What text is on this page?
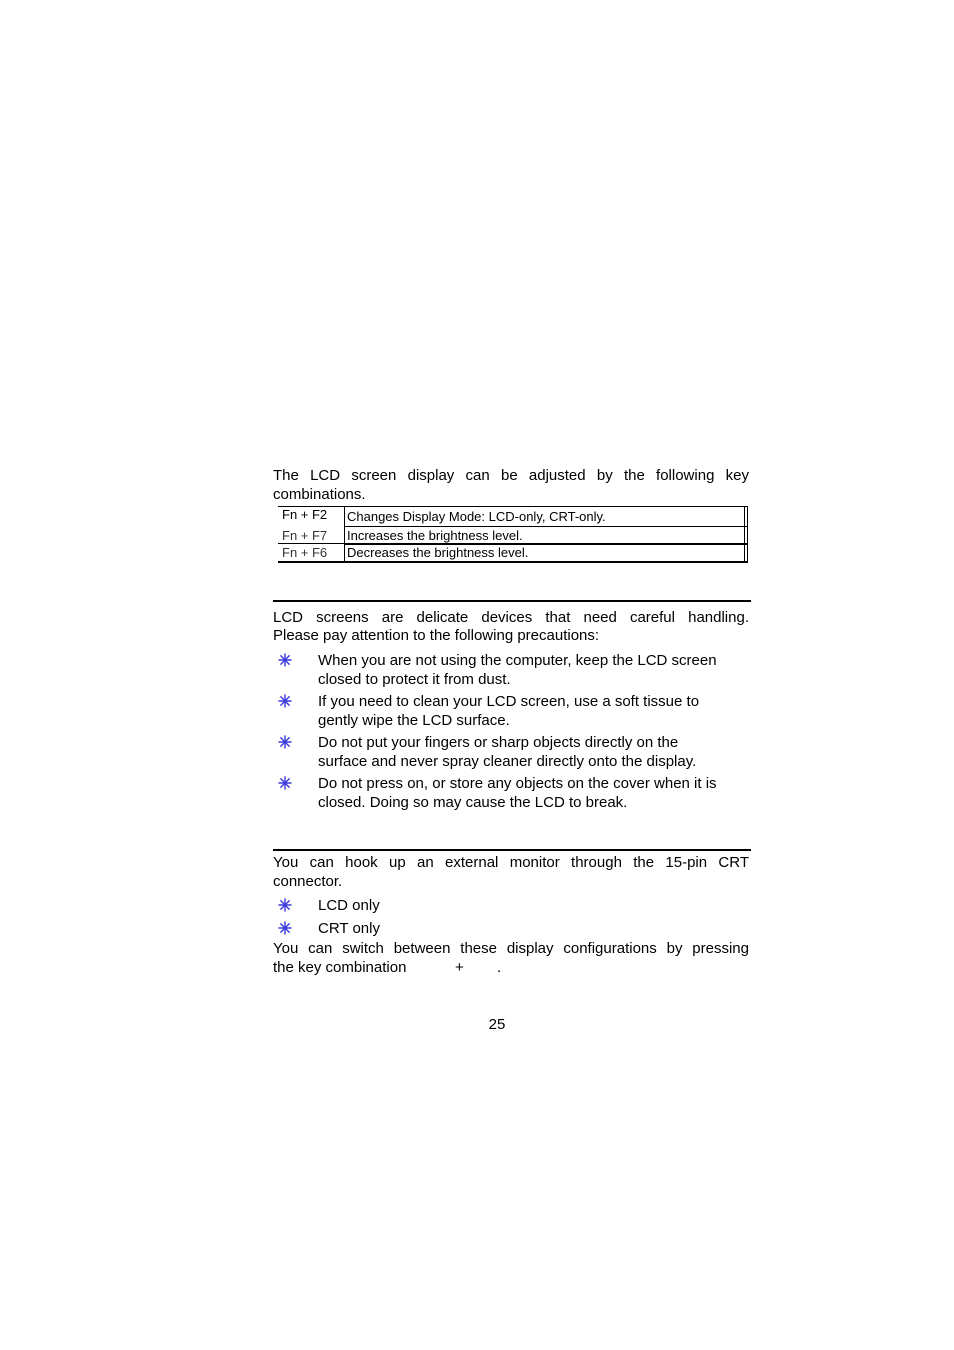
The LCD screen display can be adjusted by the following key
combinations.
Fn + F2 Changes Display Mode: LCD-only, CRT-only.
Fn + F7 Increases the brightness level.
Fn + F6 Decreases the brightness level.
LCD screens are delicate devices that need careful handling.
Please pay attention to the following precautions:
When you are not using the computer, keep the LCD screen
closed to protect it from dust.
If you need to clean your LCD screen, use a soft tissue to
gently wipe the LCD surface.
Do not put your fingers or sharp objects directly on the
surface and never spray cleaner directly onto the display.
Do not press on, or store any objects on the cover when it is
closed. Doing so may cause the LCD to break.
You can hook up an external monitor through the 15-pin CRT
connector.
LCD only
CRT only
You can switch between these display configurations by pressing
the key combination	+ .
25
